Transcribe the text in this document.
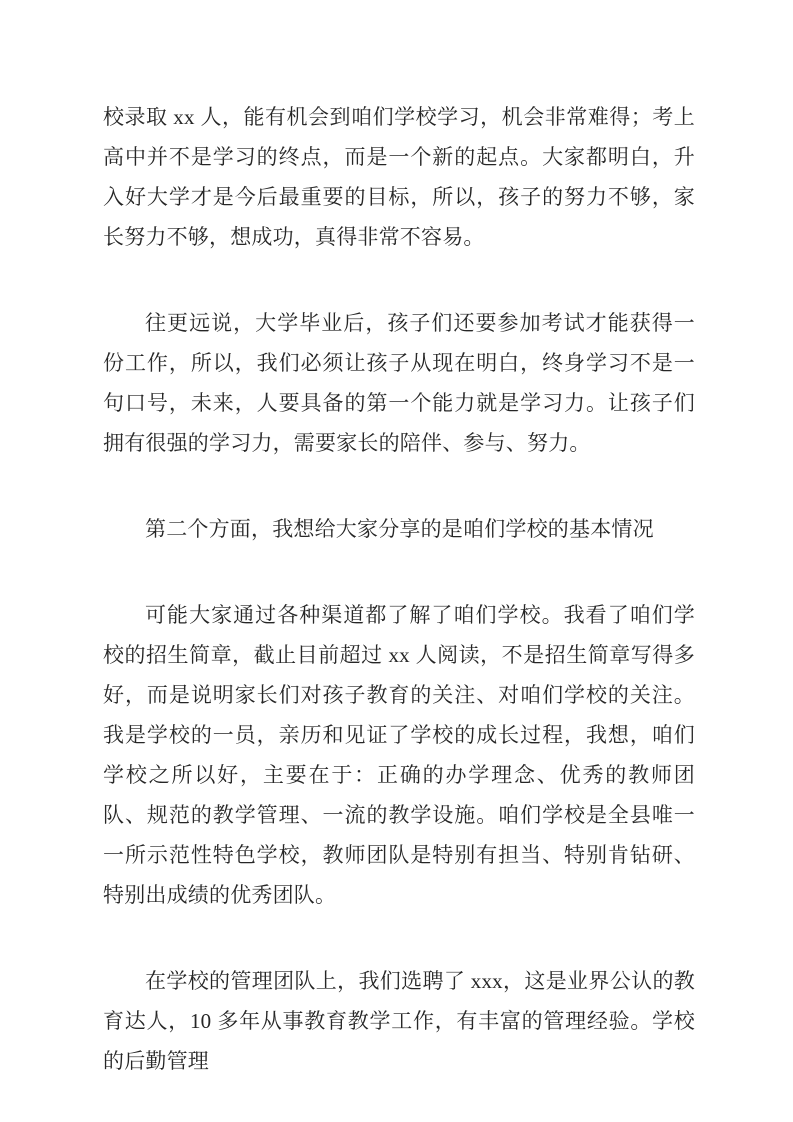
校录取 xx 人，能有机会到咱们学校学习，机会非常难得；考上高中并不是学习的终点，而是一个新的起点。大家都明白，升入好大学才是今后最重要的目标，所以，孩子的努力不够，家长努力不够，想成功，真得非常不容易。

往更远说，大学毕业后，孩子们还要参加考试才能获得一份工作，所以，我们必须让孩子从现在明白，终身学习不是一句口号，未来，人要具备的第一个能力就是学习力。让孩子们拥有很强的学习力，需要家长的陪伴、参与、努力。

第二个方面，我想给大家分享的是咱们学校的基本情况

可能大家通过各种渠道都了解了咱们学校。我看了咱们学校的招生简章，截止目前超过 xx 人阅读，不是招生简章写得多好，而是说明家长们对孩子教育的关注、对咱们学校的关注。我是学校的一员，亲历和见证了学校的成长过程，我想，咱们学校之所以好，主要在于：正确的办学理念、优秀的教师团队、规范的教学管理、一流的教学设施。咱们学校是全县唯一一所示范性特色学校，教师团队是特别有担当、特别肯钻研、特别出成绩的优秀团队。

在学校的管理团队上，我们选聘了 xxx，这是业界公认的教育达人，10 多年从事教育教学工作，有丰富的管理经验。学校的后勤管理
